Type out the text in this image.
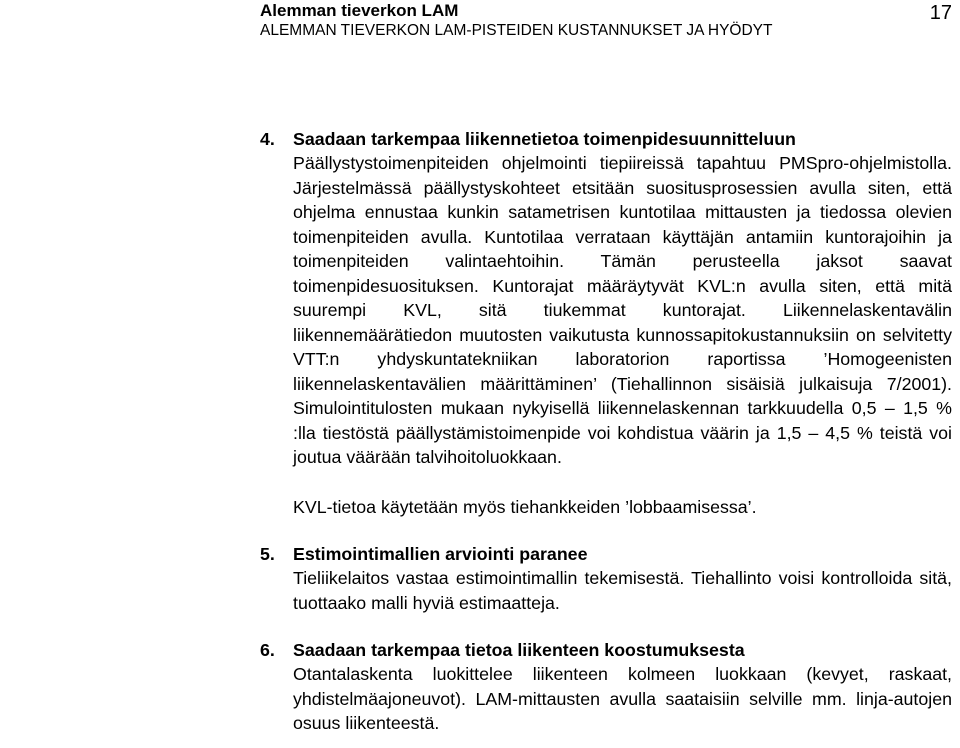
Alemman tieverkon LAM
ALEMMAN TIEVERKON LAM-PISTEIDEN KUSTANNUKSET JA HYÖDYT
17
4. Saadaan tarkempaa liikennetietoa toimenpidesuunnitteluun
Päällystystoimenpiteiden ohjelmointi tiepiireissä tapahtuu PMSpro-ohjelmistolla. Järjestelmässä päällystyskohteet etsitään suositusprosessien avulla siten, että ohjelma ennustaa kunkin satametrisen kuntotilaa mittausten ja tiedossa olevien toimenpiteiden avulla. Kuntotilaa verrataan käyttäjän antamiin kuntorajoihin ja toimenpiteiden valintaehtoihin. Tämän perusteella jaksot saavat toimenpidesuosituksen. Kuntorajat määräytyvät KVL:n avulla siten, että mitä suurempi KVL, sitä tiukemmat kuntorajat. Liikennelaskentavälin liikennemäärätiedon muutosten vaikutusta kunnossapitokustannuksiin on selvitetty VTT:n yhdyskuntatekniikan laboratorion raportissa ’Homogeenisten liikennelaskentavälien määrittäminen’ (Tiehallinnon sisäisiä julkaisuja 7/2001). Simulointitulosten mukaan nykyisellä liikennelaskennan tarkkuudella 0,5 – 1,5 % :lla tiestöstä päällystämistoimenpide voi kohdistua väärin ja 1,5 – 4,5 % teistä voi joutua väärään talvihoitoluokkaan.
KVL-tietoa käytetään myös tiehankkeiden ’lobbaamisessa’.
5. Estimointimallien arviointi paranee
Tieliikelaitos vastaa estimointimallin tekemisestä. Tiehallinto voisi kontrolloida sitä, tuottaako malli hyviä estimaatteja.
6. Saadaan tarkempaa tietoa liikenteen koostumuksesta
Otantalaskenta luokittelee liikenteen kolmeen luokkaan (kevyet, raskaat, yhdistelmäajoneuvot). LAM-mittausten avulla saataisiin selville mm. linja-autojen osuus liikenteestä.
